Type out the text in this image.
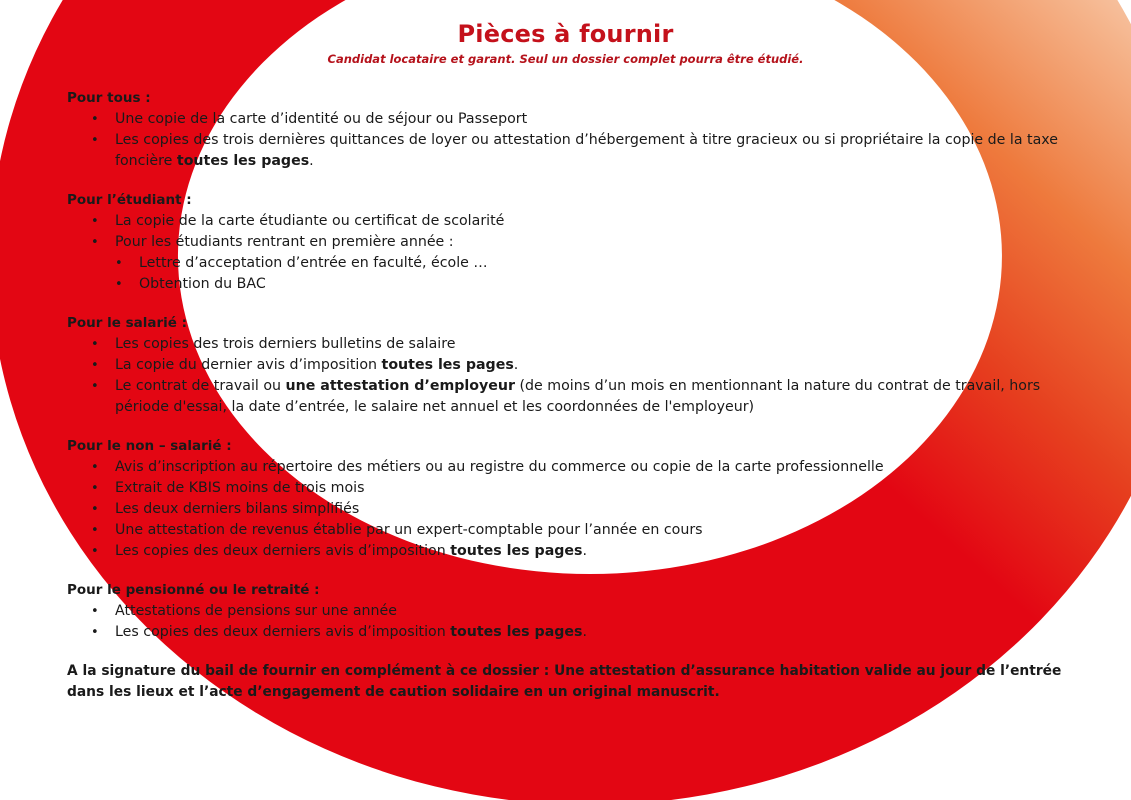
Pièces à fournir
Candidat locataire et garant. Seul un dossier complet pourra être étudié.
Pour tous :
• Une copie de la carte d’identité ou de séjour ou Passeport
• Les copies des trois dernières quittances de loyer ou attestation d’hébergement à titre gracieux ou si propriétaire la copie de la taxe foncière toutes les pages.
Pour l’étudiant :
• La copie de la carte étudiante ou certificat de scolarité
• Pour les étudiants rentrant en première année :
• Lettre d’acceptation d’entrée en faculté, école …
• Obtention du BAC
Pour le salarié :
• Les copies des trois derniers bulletins de salaire
• La copie du dernier avis d’imposition toutes les pages.
• Le contrat de travail ou une attestation d’employeur (de moins d’un mois en mentionnant la nature du contrat de travail, hors période d'essai, la date d’entrée, le salaire net annuel et les coordonnées de l'employeur)
Pour le non – salarié :
• Avis d’inscription au répertoire des métiers ou au registre du commerce ou copie de la carte professionnelle
• Extrait de KBIS moins de trois mois
• Les deux derniers bilans simplifiés
• Une attestation de revenus établie par un expert-comptable pour l’année en cours
• Les copies des deux derniers avis d’imposition toutes les pages.
Pour le pensionné ou le retraité :
• Attestations de pensions sur une année
• Les copies des deux derniers avis d’imposition toutes les pages.
A la signature du bail de fournir en complément à ce dossier : Une attestation d’assurance habitation valide au jour de l’entrée dans les lieux et l’acte d’engagement de caution solidaire en un original manuscrit.
